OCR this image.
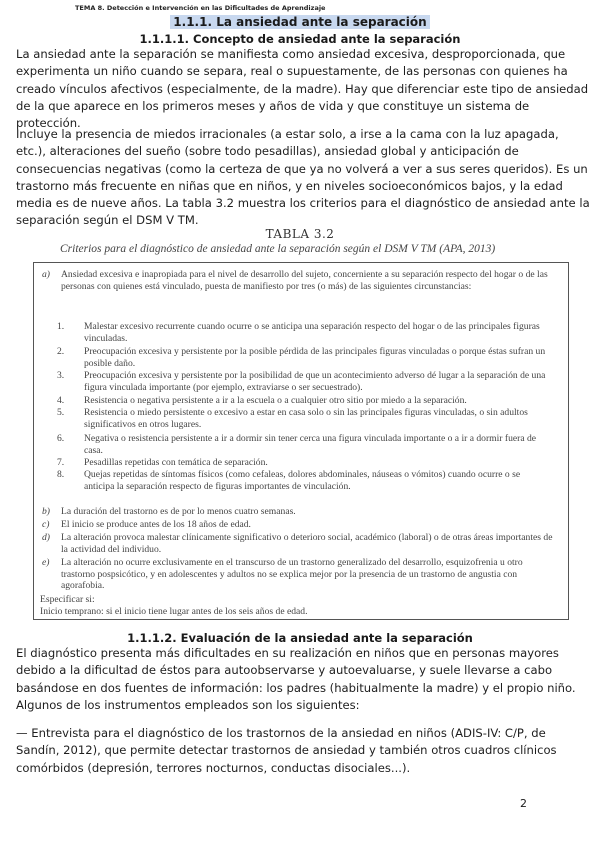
TEMA 8. Detección e Intervención en las Dificultades de Aprendizaje
1.1.1. La ansiedad ante la separación
1.1.1.1. Concepto de ansiedad ante la separación

La ansiedad ante la separación se manifiesta como ansiedad excesiva, desproporcionada, que experimenta un niño cuando se separa, real o supuestamente, de las personas con quienes ha creado vínculos afectivos (especialmente, de la madre). Hay que diferenciar este tipo de ansiedad de la que aparece en los primeros meses y años de vida y que constituye un sistema de protección.

Incluye la presencia de miedos irracionales (a estar solo, a irse a la cama con la luz apagada, etc.), alteraciones del sueño (sobre todo pesadillas), ansiedad global y anticipación de consecuencias negativas (como la certeza de que ya no volverá a ver a sus seres queridos). Es un trastorno más frecuente en niñas que en niños, y en niveles socioeconómicos bajos, y la edad media es de nueve años. La tabla 3.2 muestra los criterios para el diagnóstico de ansiedad ante la separación según el DSM V TM.

TABLA 3.2
Criterios para el diagnóstico de ansiedad ante la separación según el DSM V TM (APA, 2013)
a) Ansiedad excesiva e inapropiada para el nivel de desarrollo del sujeto, concerniente a su separación respecto del hogar o de las personas con quienes está vinculado, puesta de manifiesto por tres (o más) de las siguientes circunstancias:
1.	Malestar excesivo recurrente cuando ocurre o se anticipa una separación respecto del hogar o de las principales figuras vinculadas.
2.	Preocupación excesiva y persistente por la posible pérdida de las principales figuras vinculadas o porque éstas sufran un posible daño.
3.	Preocupación excesiva y persistente por la posibilidad de que un acontecimiento adverso dé lugar a la separación de una figura vinculada importante (por ejemplo, extraviarse o ser secuestrado).
4.	Resistencia o negativa persistente a ir a la escuela o a cualquier otro sitio por miedo a la separación.
5.	Resistencia o miedo persistente o excesivo a estar en casa solo o sin las principales figuras vinculadas, o sin adultos significativos en otros lugares.
6.	Negativa o resistencia persistente a ir a dormir sin tener cerca una figura vinculada importante o a ir a dormir fuera de casa.
7.	Pesadillas repetidas con temática de separación.
8.	Quejas repetidas de síntomas físicos (como cefaleas, dolores abdominales, náuseas o vómitos) cuando ocurre o se anticipa la separación respecto de figuras importantes de vinculación.
b) La duración del trastorno es de por lo menos cuatro semanas.
c) El inicio se produce antes de los 18 años de edad.
d) La alteración provoca malestar clínicamente significativo o deterioro social, académico (laboral) o de otras áreas importantes de la actividad del individuo.
e) La alteración no ocurre exclusivamente en el transcurso de un trastorno generalizado del desarrollo, esquizofrenia u otro trastorno pospsicótico, y en adolescentes y adultos no se explica mejor por la presencia de un trastorno de angustia con agorafobia.
Especificar si:
Inicio temprano: si el inicio tiene lugar antes de los seis años de edad.
1.1.1.2. Evaluación de la ansiedad ante la separación

El diagnóstico presenta más dificultades en su realización en niños que en personas mayores debido a la dificultad de éstos para autoobservarse y autoevaluarse, y suele llevarse a cabo basándose en dos fuentes de información: los padres (habitualmente la madre) y el propio niño. Algunos de los instrumentos empleados son los siguientes:

— Entrevista para el diagnóstico de los trastornos de la ansiedad en niños (ADIS-IV: C/P, de Sandín, 2012), que permite detectar trastornos de ansiedad y también otros cuadros clínicos comórbidos (depresión, terrores nocturnos, conductas disociales...).

2
